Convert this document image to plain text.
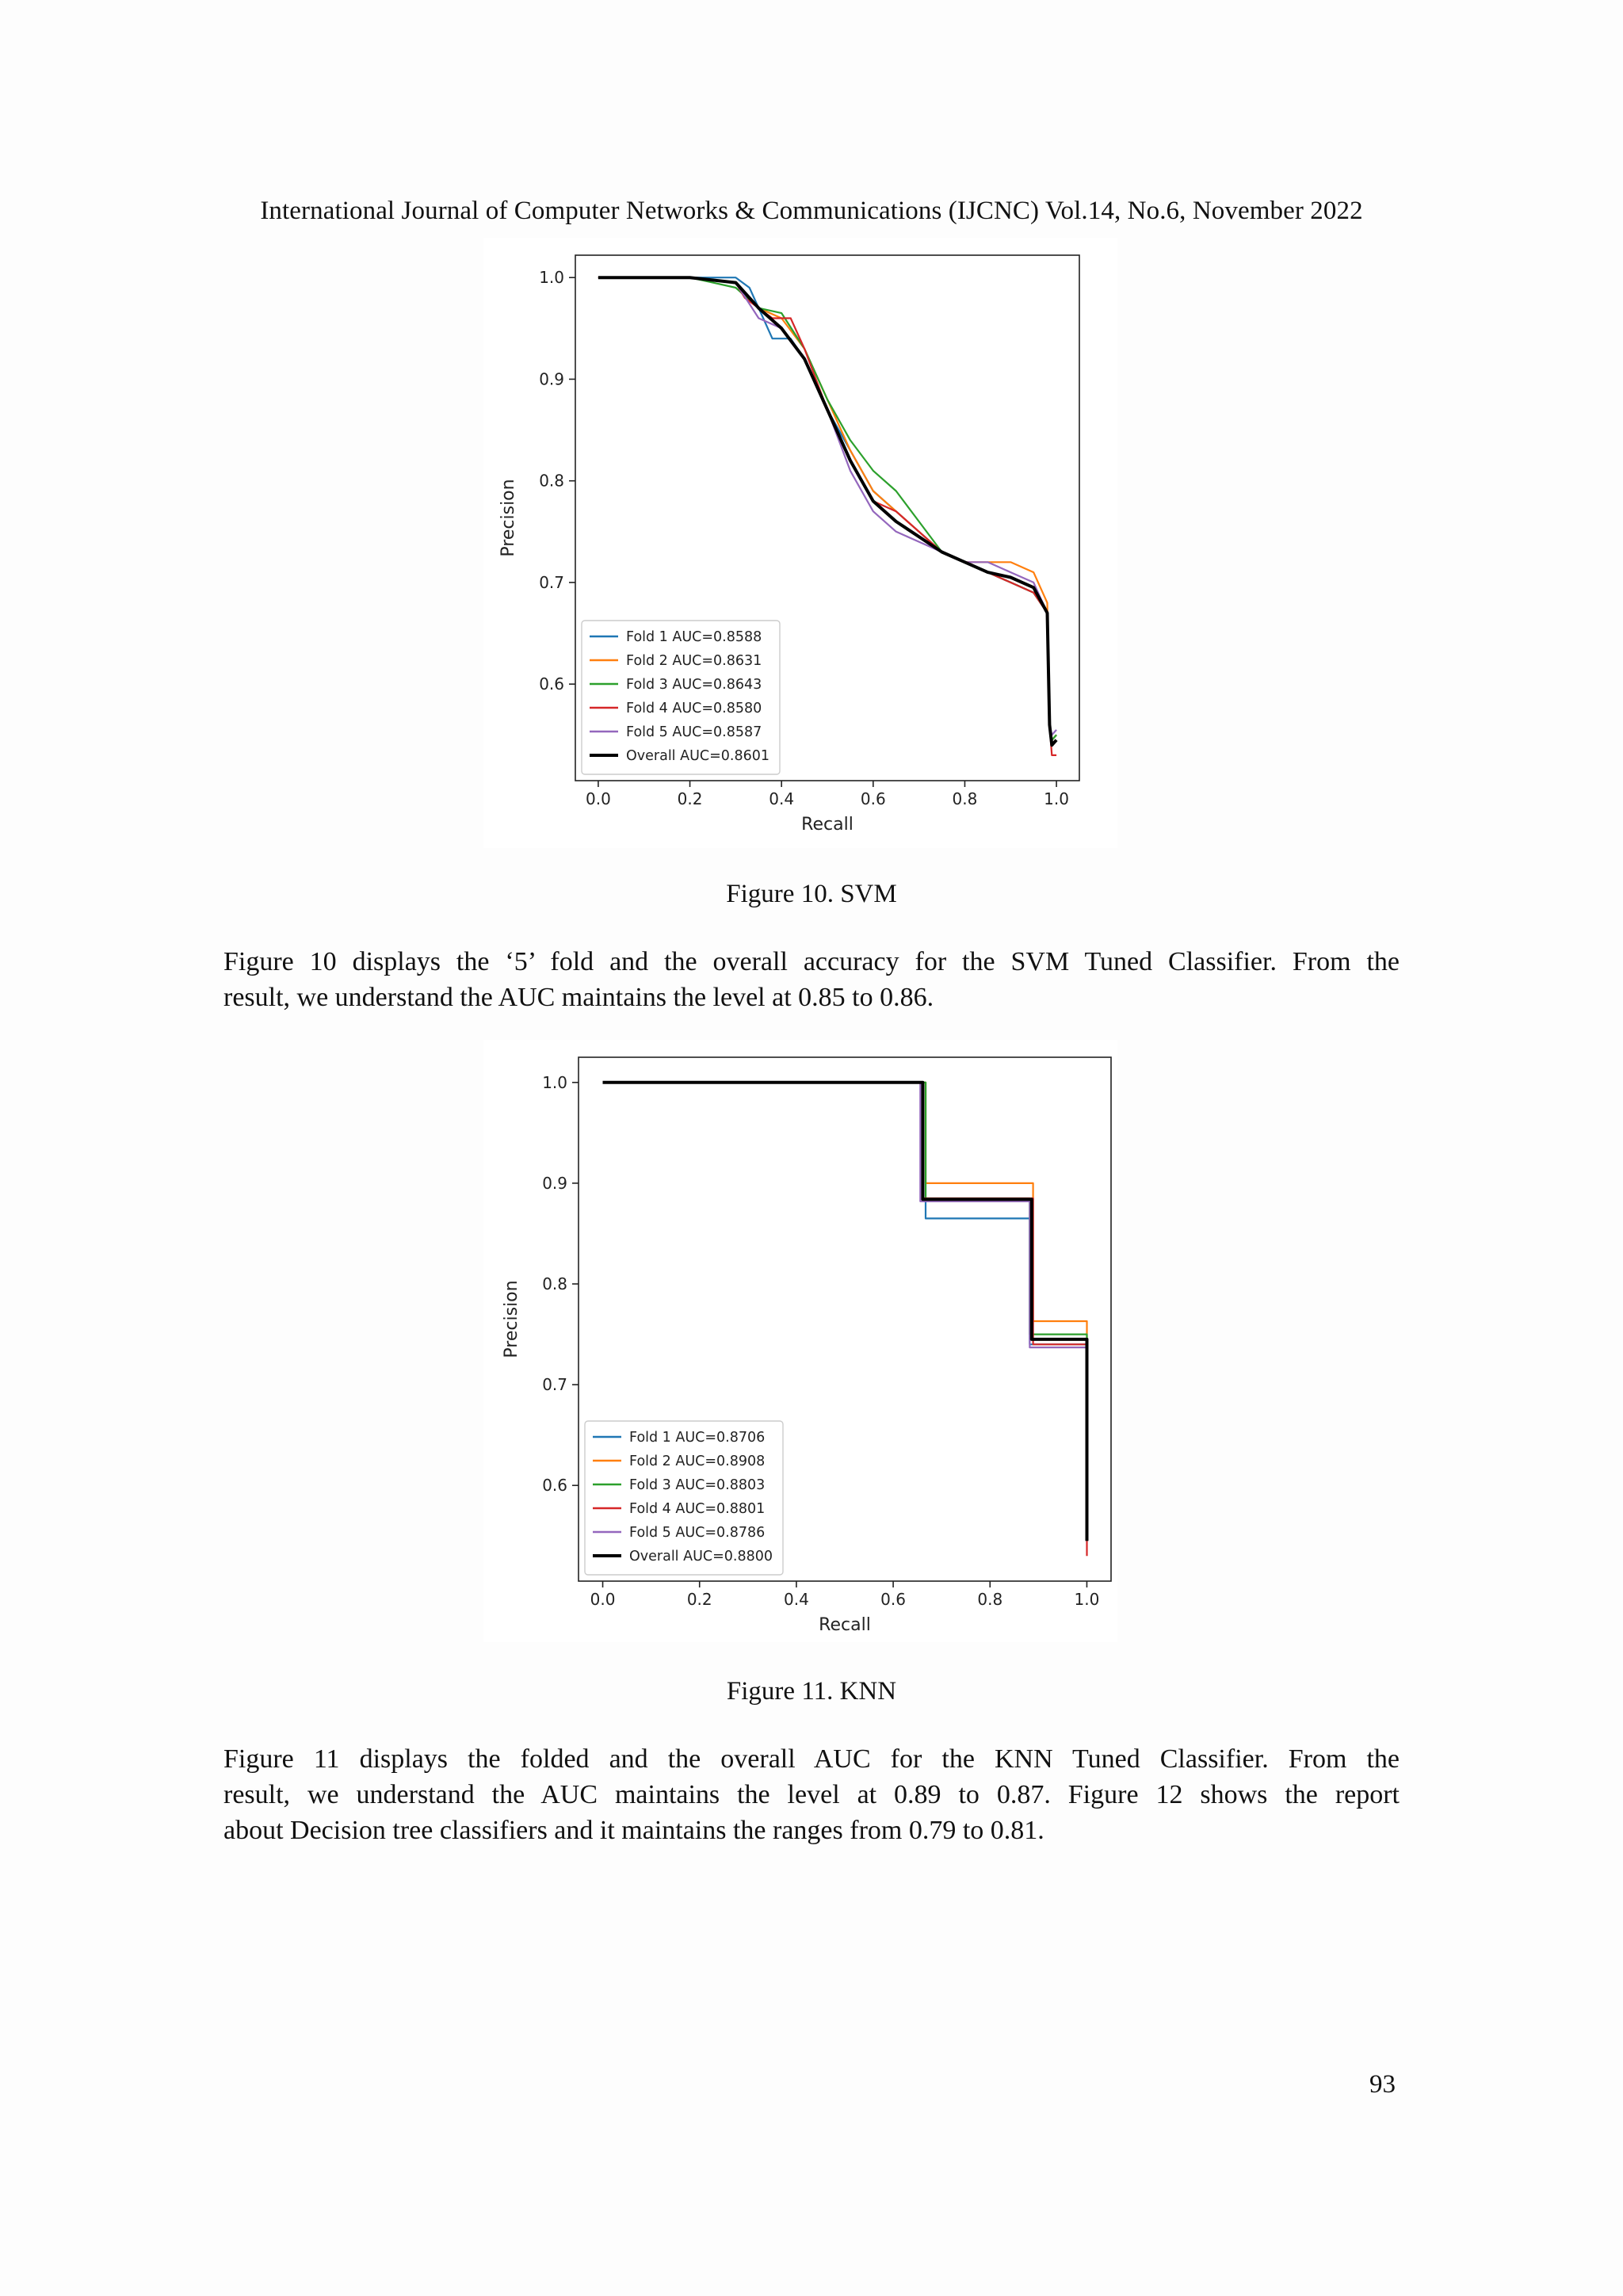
International Journal of Computer Networks & Communications (IJCNC) Vol.14, No.6, November 2022
0.0	0.2	0.4	0.6	0.8	1.0
0.6
0.7
0.8
0.9
1.0
Recall
Precision
Fold 1 AUC=0.8588
Fold 2 AUC=0.8631
Fold 3 AUC=0.8643
Fold 4 AUC=0.8580
Fold 5 AUC=0.8587
Overall AUC=0.8601
Figure 10. SVM
Figure 10 displays the ‘5’ fold and the overall accuracy for the SVM Tuned Classifier. From the
result, we understand the AUC maintains the level at 0.85 to 0.86.
0.0	0.2	0.4	0.6	0.8	1.0
0.6
0.7
0.8
0.9
1.0
Recall
Precision
Fold 1 AUC=0.8706
Fold 2 AUC=0.8908
Fold 3 AUC=0.8803
Fold 4 AUC=0.8801
Fold 5 AUC=0.8786
Overall AUC=0.8800
Figure 11. KNN
Figure 11 displays the folded and the overall AUC for the KNN Tuned Classifier. From the
result, we understand the AUC maintains the level at 0.89 to 0.87. Figure 12 shows the report
about Decision tree classifiers and it maintains the ranges from 0.79 to 0.81.
93
